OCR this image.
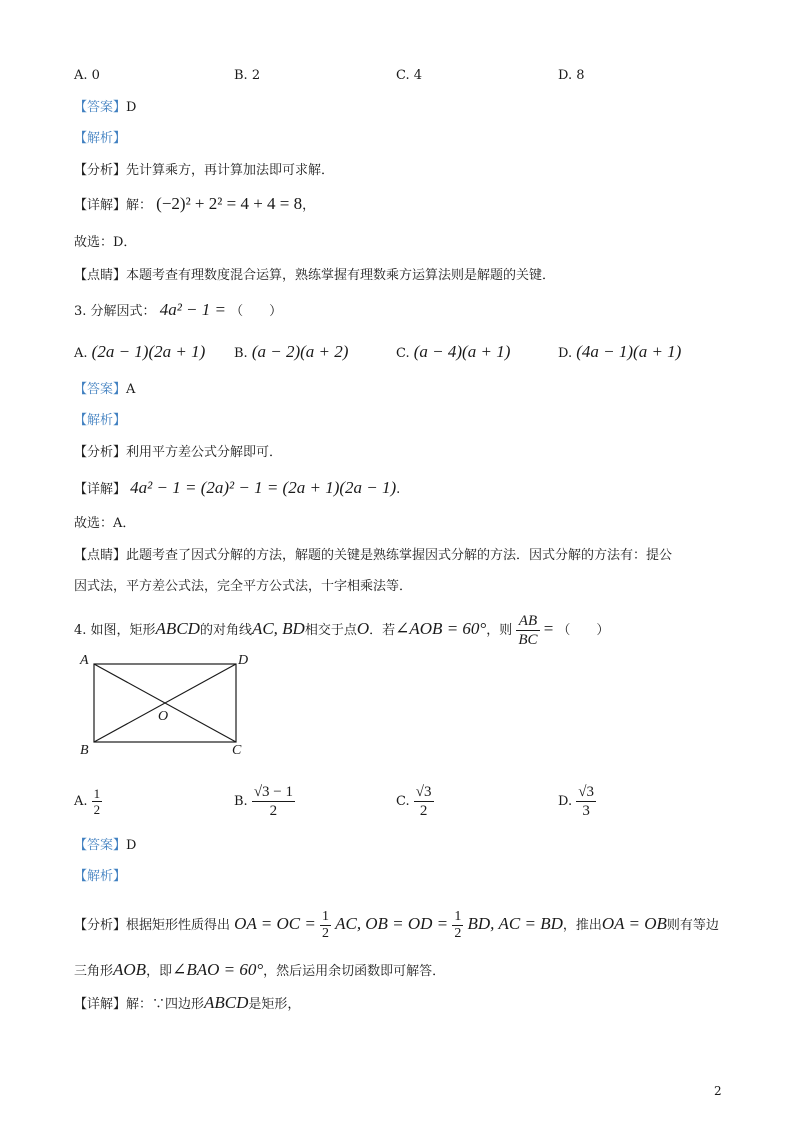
A. 0	B. 2	C. 4	D. 8
【答案】D
【解析】
【分析】先计算乘方，再计算加法即可求解．
【详解】解： (−2)² + 2² = 4 + 4 = 8，
故选：D．
【点睛】本题考查有理数度混合运算，熟练掌握有理数乘方运算法则是解题的关键．
3. 分解因式： 4a² − 1 = （　　）
A. (2a − 1)(2a + 1) B. (a − 2)(a + 2)	C. (a − 4)(a + 1)	D. (4a − 1)(a + 1)
【答案】A
【解析】
【分析】利用平方差公式分解即可．
【详解】 4a² − 1 = (2a)² − 1 = (2a + 1)(2a − 1).
故选：A．
【点睛】此题考查了因式分解的方法，解题的关键是熟练掌握因式分解的方法．因式分解的方法有：提公
因式法，平方差公式法，完全平方公式法，十字相乘法等．
4. 如图，矩形ABCD的对角线AC, BD相交于点O．若∠AOB = 60°，则 $\frac{AB}{BC}$ = （　　）
A	D
O
B	C
A. $\frac{1}{2}$	B. $\frac{√3 - 1}{2}$	C. $\frac{√3}{2}$	D. $\frac{√3}{3}$
【答案】D
【解析】
【分析】根据矩形性质得出 OA = OC = $\frac{1}{2}$ AC, OB = OD = $\frac{1}{2}$ BD, AC = BD，推出OA = OB则有等边
三角形AOB，即∠BAO = 60°，然后运用余切函数即可解答．
【详解】解：∵四边形ABCD是矩形，
2
